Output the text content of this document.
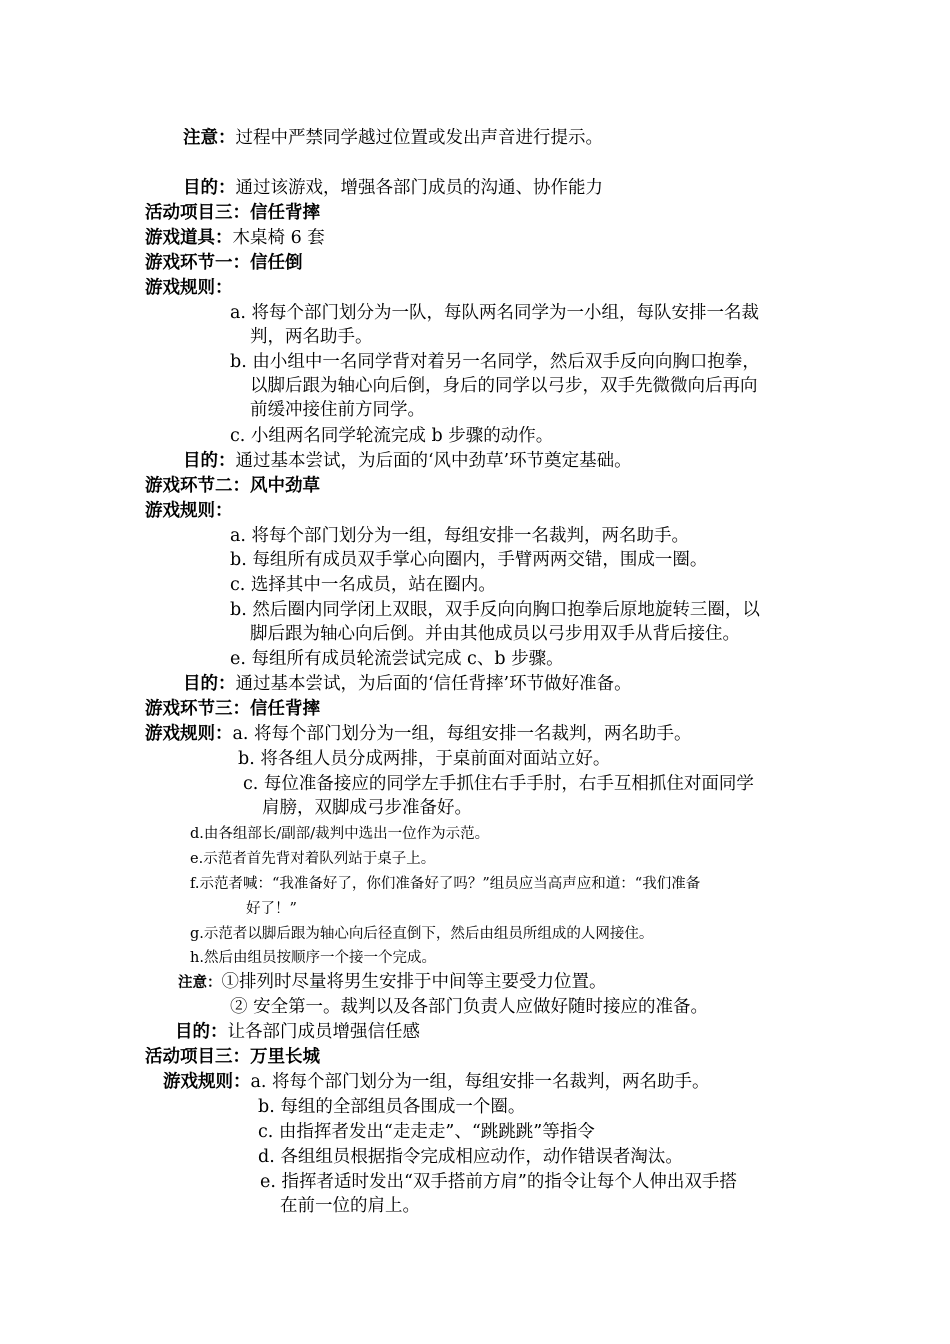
注意：过程中严禁同学越过位置或发出声音进行提示。
目的：通过该游戏，增强各部门成员的沟通、协作能力
活动项目三：信任背摔
游戏道具：木桌椅 6 套
游戏环节一：信任倒
游戏规则：
a. 将每个部门划分为一队，每队两名同学为一小组，每队安排一名裁
判，两名助手。
b. 由小组中一名同学背对着另一名同学，然后双手反向向胸口抱拳，
以脚后跟为轴心向后倒，身后的同学以弓步，双手先微微向后再向
前缓冲接住前方同学。
c. 小组两名同学轮流完成 b 步骤的动作。
目的：通过基本尝试，为后面的‘风中劲草’环节奠定基础。
游戏环节二：风中劲草
游戏规则：
a. 将每个部门划分为一组，每组安排一名裁判，两名助手。
b. 每组所有成员双手掌心向圈内，手臂两两交错，围成一圈。
c. 选择其中一名成员，站在圈内。
b. 然后圈内同学闭上双眼，双手反向向胸口抱拳后原地旋转三圈，以
脚后跟为轴心向后倒。并由其他成员以弓步用双手从背后接住。
e. 每组所有成员轮流尝试完成 c、b 步骤。
目的：通过基本尝试，为后面的‘信任背摔’环节做好准备。
游戏环节三：信任背摔
游戏规则：a. 将每个部门划分为一组，每组安排一名裁判，两名助手。
b. 将各组人员分成两排，于桌前面对面站立好。
c. 每位准备接应的同学左手抓住右手手肘，右手互相抓住对面同学
肩膀，双脚成弓步准备好。
d.由各组部长/副部/裁判中选出一位作为示范。
e.示范者首先背对着队列站于桌子上。
f.示范者喊：“我准备好了，你们准备好了吗？”组员应当高声应和道：“我们准备
好了！”
g.示范者以脚后跟为轴心向后径直倒下，然后由组员所组成的人网接住。
h.然后由组员按顺序一个接一个完成。
注意：①排列时尽量将男生安排于中间等主要受力位置。
② 安全第一。裁判以及各部门负责人应做好随时接应的准备。
目的：让各部门成员增强信任感
活动项目三：万里长城
游戏规则：a. 将每个部门划分为一组，每组安排一名裁判，两名助手。
b. 每组的全部组员各围成一个圈。
c. 由指挥者发出“走走走”、“跳跳跳”等指令
d. 各组组员根据指令完成相应动作，动作错误者淘汰。
e. 指挥者适时发出“双手搭前方肩”的指令让每个人伸出双手搭
在前一位的肩上。
